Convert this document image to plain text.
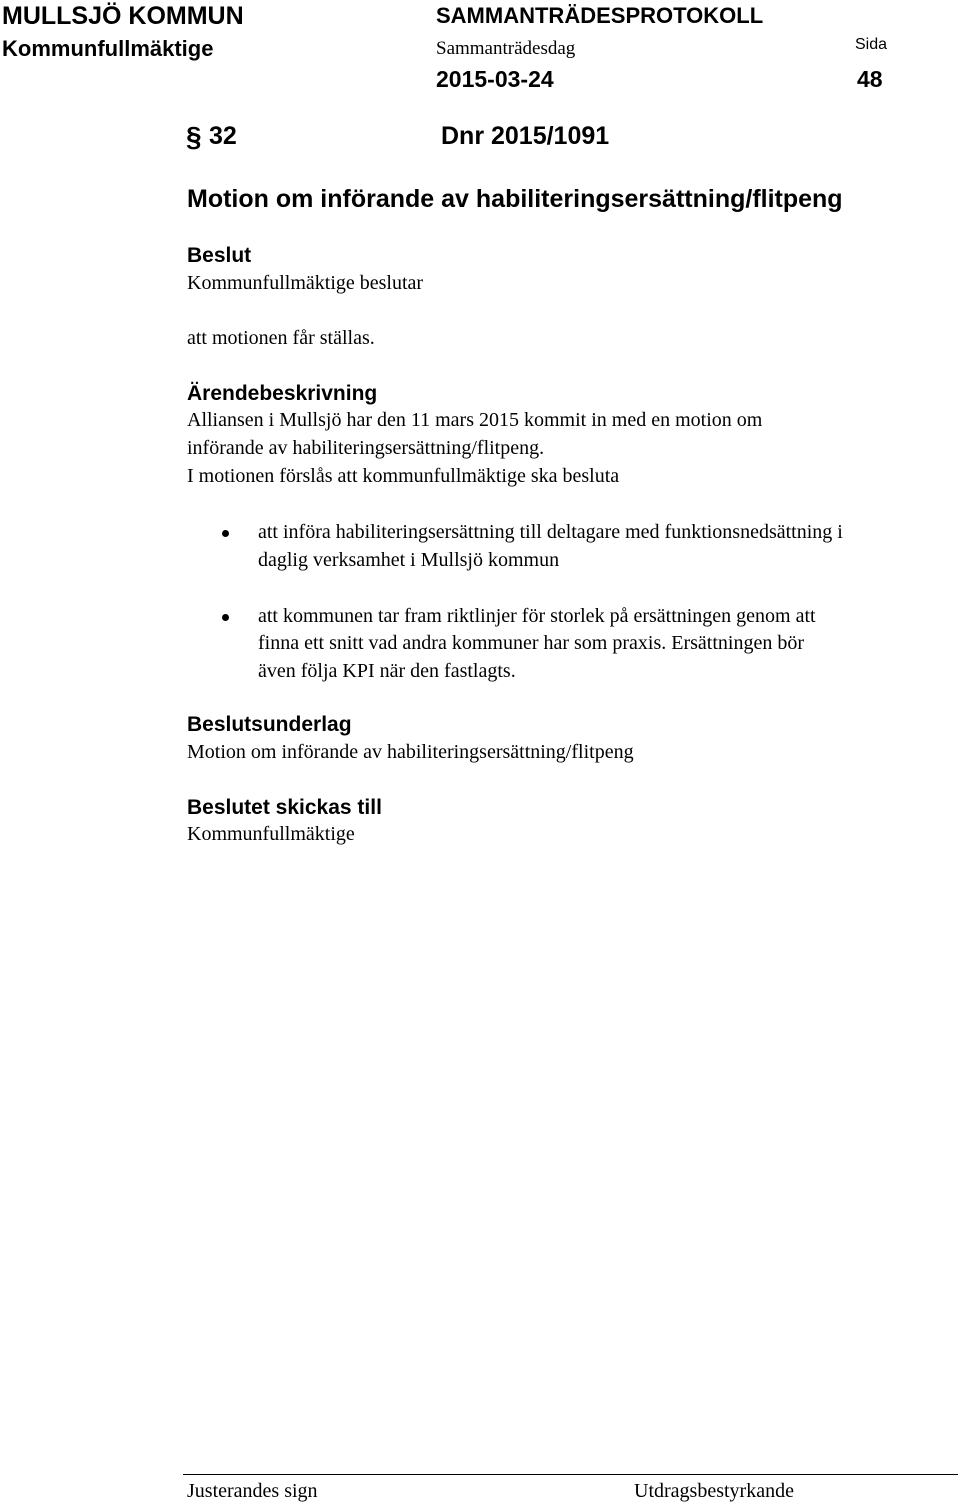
MULLSJÖ KOMMUN
Kommunfullmäktige
SAMMANTRÄDESPROTOKOLL
Sammanträdesdag
2015-03-24
Sida
48
§ 32	Dnr 2015/1091
Motion om införande av habiliteringsersättning/flitpeng
Beslut
Kommunfullmäktige beslutar
att motionen får ställas.
Ärendebeskrivning
Alliansen i Mullsjö har den 11 mars 2015 kommit in med en motion om
införande av habiliteringsersättning/flitpeng.
I motionen förslås att kommunfullmäktige ska besluta
att införa habiliteringsersättning till deltagare med funktionsnedsättning i
daglig verksamhet i Mullsjö kommun
att kommunen tar fram riktlinjer för storlek på ersättningen genom att
finna ett snitt vad andra kommuner har som praxis. Ersättningen bör
även följa KPI när den fastlagts.
Beslutsunderlag
Motion om införande av habiliteringsersättning/flitpeng
Beslutet skickas till
Kommunfullmäktige
Justerandes sign	Utdragsbestyrkande
